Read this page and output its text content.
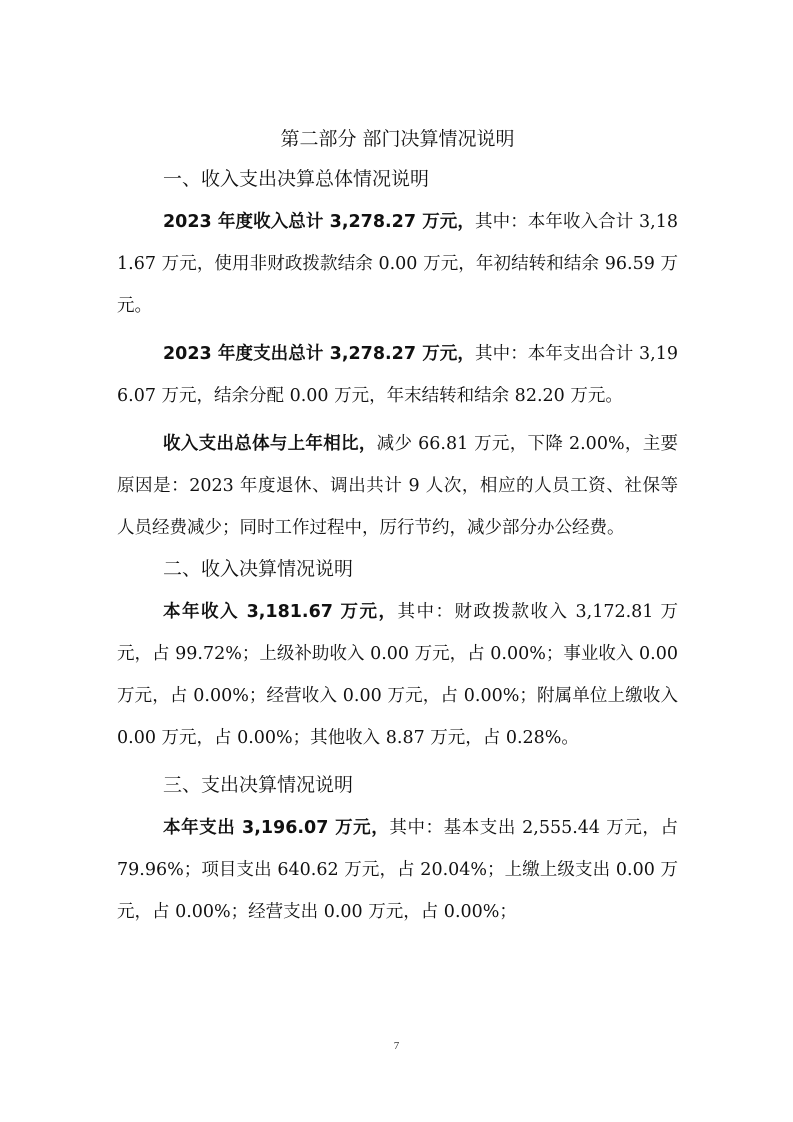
第二部分 部门决算情况说明
一、收入支出决算总体情况说明

2023 年度收入总计 3,278.27 万元，其中：本年收入合计 3,181.67 万元，使用非财政拨款结余 0.00 万元，年初结转和结余 96.59 万元。

2023 年度支出总计 3,278.27 万元，其中：本年支出合计 3,196.07 万元，结余分配 0.00 万元，年末结转和结余 82.20 万元。

收入支出总体与上年相比，减少 66.81 万元，下降 2.00%，主要原因是：2023 年度退休、调出共计 9 人次，相应的人员工资、社保等人员经费减少；同时工作过程中，厉行节约，减少部分办公经费。

二、收入决算情况说明

本年收入 3,181.67 万元，其中：财政拨款收入 3,172.81 万元，占 99.72%；上级补助收入 0.00 万元，占 0.00%；事业收入 0.00 万元，占 0.00%；经营收入 0.00 万元，占 0.00%；附属单位上缴收入 0.00 万元，占 0.00%；其他收入 8.87 万元，占 0.28%。

三、支出决算情况说明

本年支出 3,196.07 万元，其中：基本支出 2,555.44 万元，占 79.96%；项目支出 640.62 万元，占 20.04%；上缴上级支出 0.00 万元，占 0.00%；经营支出 0.00 万元，占 0.00%；

7
